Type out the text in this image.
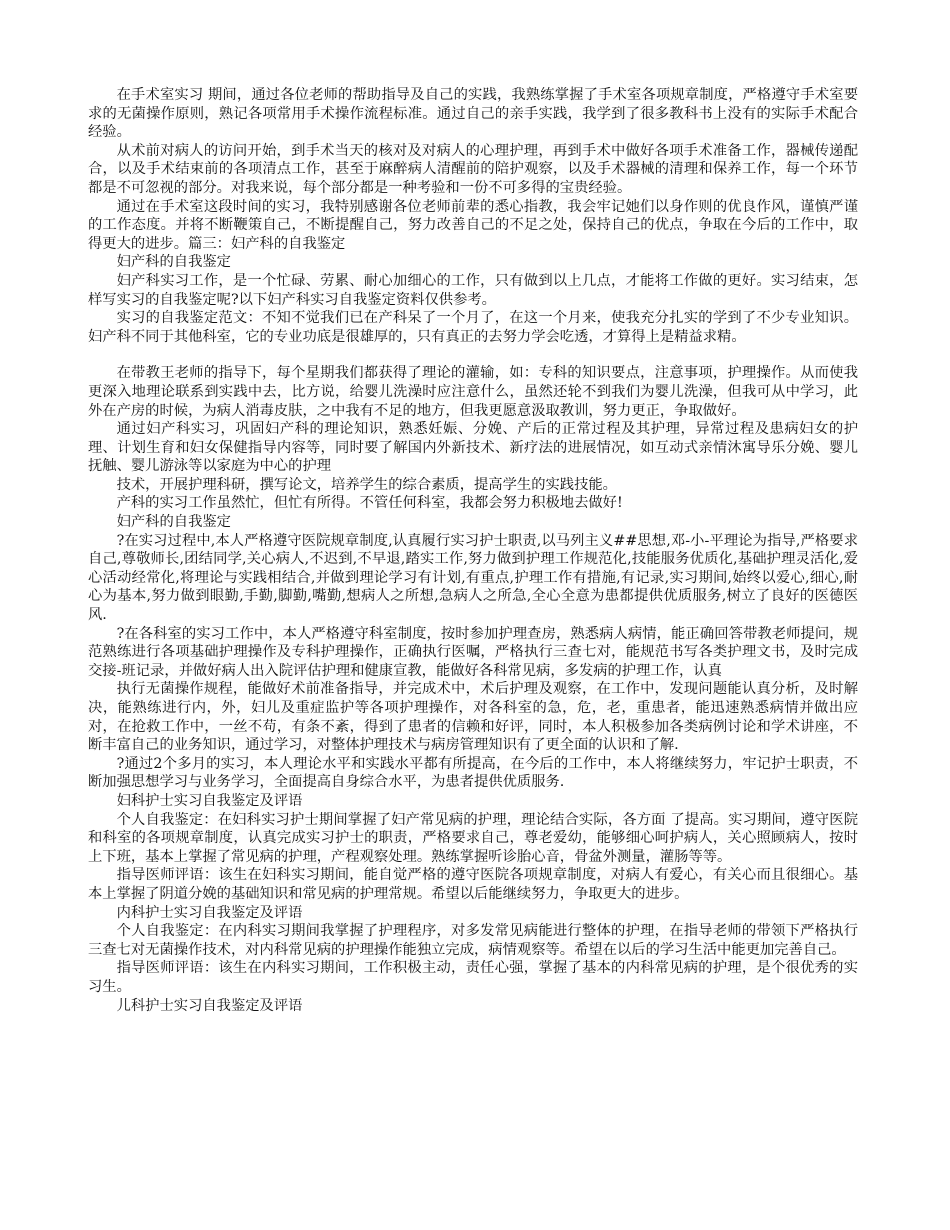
在手术室实习 期间，通过各位老师的帮助指导及自己的实践，我熟练掌握了手术室各项规章制度，严格遵守手术室要求的无菌操作原则，熟记各项常用手术操作流程标准。通过自己的亲手实践，我学到了很多教科书上没有的实际手术配合经验。

从术前对病人的访问开始，到手术当天的核对及对病人的心理护理，再到手术中做好各项手术准备工作，器械传递配合，以及手术结束前的各项清点工作，甚至于麻醉病人清醒前的陪护观察，以及手术器械的清理和保养工作，每一个环节都是不可忽视的部分。对我来说，每个部分都是一种考验和一份不可多得的宝贵经验。

通过在手术室这段时间的实习，我特别感谢各位老师前辈的悉心指教，我会牢记她们以身作则的优良作风，谨慎严谨的工作态度。并将不断鞭策自己，不断提醒自己，努力改善自己的不足之处，保持自己的优点，争取在今后的工作中，取得更大的进步。篇三：妇产科的自我鉴定

妇产科的自我鉴定

妇产科实习工作，是一个忙碌、劳累、耐心加细心的工作，只有做到以上几点，才能将工作做的更好。实习结束，怎样写实习的自我鉴定呢?以下妇产科实习自我鉴定资料仅供参考。

实习的自我鉴定范文：不知不觉我们已在产科呆了一个月了，在这一个月来，使我充分扎实的学到了不少专业知识。妇产科不同于其他科室，它的专业功底是很雄厚的，只有真正的去努力学会吃透，才算得上是精益求精。

在带教王老师的指导下，每个星期我们都获得了理论的灌输，如：专科的知识要点，注意事项，护理操作。从而使我更深入地理论联系到实践中去，比方说，给婴儿洗澡时应注意什么，虽然还轮不到我们为婴儿洗澡，但我可从中学习，此外在产房的时候，为病人消毒皮肤，之中我有不足的地方，但我更愿意汲取教训，努力更正，争取做好。

通过妇产科实习，巩固妇产科的理论知识，熟悉妊娠、分娩、产后的正常过程及其护理，异常过程及患病妇女的护理、计划生育和妇女保健指导内容等，同时要了解国内外新技术、新疗法的进展情况，如互动式亲情沐寓导乐分娩、婴儿抚触、婴儿游泳等以家庭为中心的护理

技术，开展护理科研，撰写论文，培养学生的综合素质，提高学生的实践技能。

产科的实习工作虽然忙，但忙有所得。不管任何科室，我都会努力积极地去做好!

妇产科的自我鉴定

?在实习过程中,本人严格遵守医院规章制度,认真履行实习护士职责,以马列主义##思想,邓-小-平理论为指导,严格要求自己,尊敬师长,团结同学,关心病人,不迟到,不早退,踏实工作,努力做到护理工作规范化,技能服务优质化,基础护理灵活化,爱心活动经常化,将理论与实践相结合,并做到理论学习有计划,有重点,护理工作有措施,有记录,实习期间,始终以爱心,细心,耐心为基本,努力做到眼勤,手勤,脚勤,嘴勤,想病人之所想,急病人之所急,全心全意为患都提供优质服务,树立了良好的医德医风.

?在各科室的实习工作中，本人严格遵守科室制度，按时参加护理查房，熟悉病人病情，能正确回答带教老师提问，规范熟练进行各项基础护理操作及专科护理操作，正确执行医嘱，严格执行三查七对，能规范书写各类护理文书，及时完成交接-班记录，并做好病人出入院评估护理和健康宣教，能做好各科常见病，多发病的护理工作，认真

执行无菌操作规程，能做好术前准备指导，并完成术中，术后护理及观察，在工作中，发现问题能认真分析，及时解决，能熟练进行内，外，妇儿及重症监护等各项护理操作，对各科室的急，危，老，重患者，能迅速熟悉病情并做出应对，在抢救工作中，一丝不苟，有条不紊，得到了患者的信赖和好评，同时，本人积极参加各类病例讨论和学术讲座，不断丰富自己的业务知识，通过学习，对整体护理技术与病房管理知识有了更全面的认识和了解.

?通过2个多月的实习，本人理论水平和实践水平都有所提高，在今后的工作中，本人将继续努力，牢记护士职责，不断加强思想学习与业务学习，全面提高自身综合水平，为患者提供优质服务.

妇科护士实习自我鉴定及评语

个人自我鉴定：在妇科实习护士期间掌握了妇产常见病的护理，理论结合实际，各方面 了提高。实习期间，遵守医院和科室的各项规章制度，认真完成实习护士的职责，严格要求自己，尊老爱幼，能够细心呵护病人，关心照顾病人，按时上下班，基本上掌握了常见病的护理，产程观察处理。熟练掌握听诊胎心音，骨盆外测量，灌肠等等。

指导医师评语：该生在妇科实习期间，能自觉严格的遵守医院各项规章制度，对病人有爱心，有关心而且很细心。基本上掌握了阴道分娩的基础知识和常见病的护理常规。希望以后能继续努力，争取更大的进步。

内科护士实习自我鉴定及评语

个人自我鉴定：在内科实习期间我掌握了护理程序，对多发常见病能进行整体的护理，在指导老师的带领下严格执行三查七对无菌操作技术，对内科常见病的护理操作能独立完成，病情观察等。希望在以后的学习生活中能更加完善自己。

指导医师评语：该生在内科实习期间，工作积极主动，责任心强，掌握了基本的内科常见病的护理，是个很优秀的实习生。

儿科护士实习自我鉴定及评语
